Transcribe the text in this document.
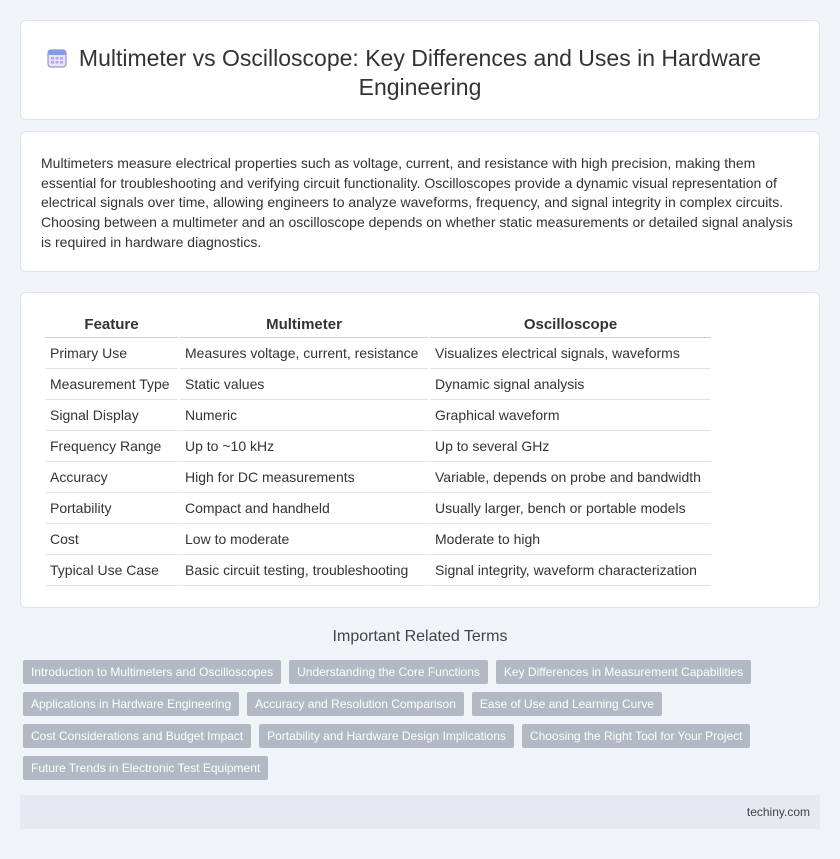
Multimeter vs Oscilloscope: Key Differences and Uses in Hardware
Engineering

Multimeters measure electrical properties such as voltage, current, and resistance with high precision, making them essential for troubleshooting and verifying circuit functionality. Oscilloscopes provide a dynamic visual representation of electrical signals over time, allowing engineers to analyze waveforms, frequency, and signal integrity in complex circuits. Choosing between a multimeter and an oscilloscope depends on whether static measurements or detailed signal analysis is required in hardware diagnostics.

Feature	Multimeter	Oscilloscope
Primary Use	Measures voltage, current, resistance	Visualizes electrical signals, waveforms
Measurement Type	Static values	Dynamic signal analysis
Signal Display	Numeric	Graphical waveform
Frequency Range	Up to ~10 kHz	Up to several GHz
Accuracy	High for DC measurements	Variable, depends on probe and bandwidth
Portability	Compact and handheld	Usually larger, bench or portable models
Cost	Low to moderate	Moderate to high
Typical Use Case	Basic circuit testing, troubleshooting	Signal integrity, waveform characterization
Important Related Terms
Introduction to Multimeters and Oscilloscopes	Understanding the Core Functions	Key Differences in Measurement Capabilities
Applications in Hardware Engineering	Accuracy and Resolution Comparison	Ease of Use and Learning Curve
Cost Considerations and Budget Impact	Portability and Hardware Design Implications	Choosing the Right Tool for Your Project
Future Trends in Electronic Test Equipment
techiny.com
